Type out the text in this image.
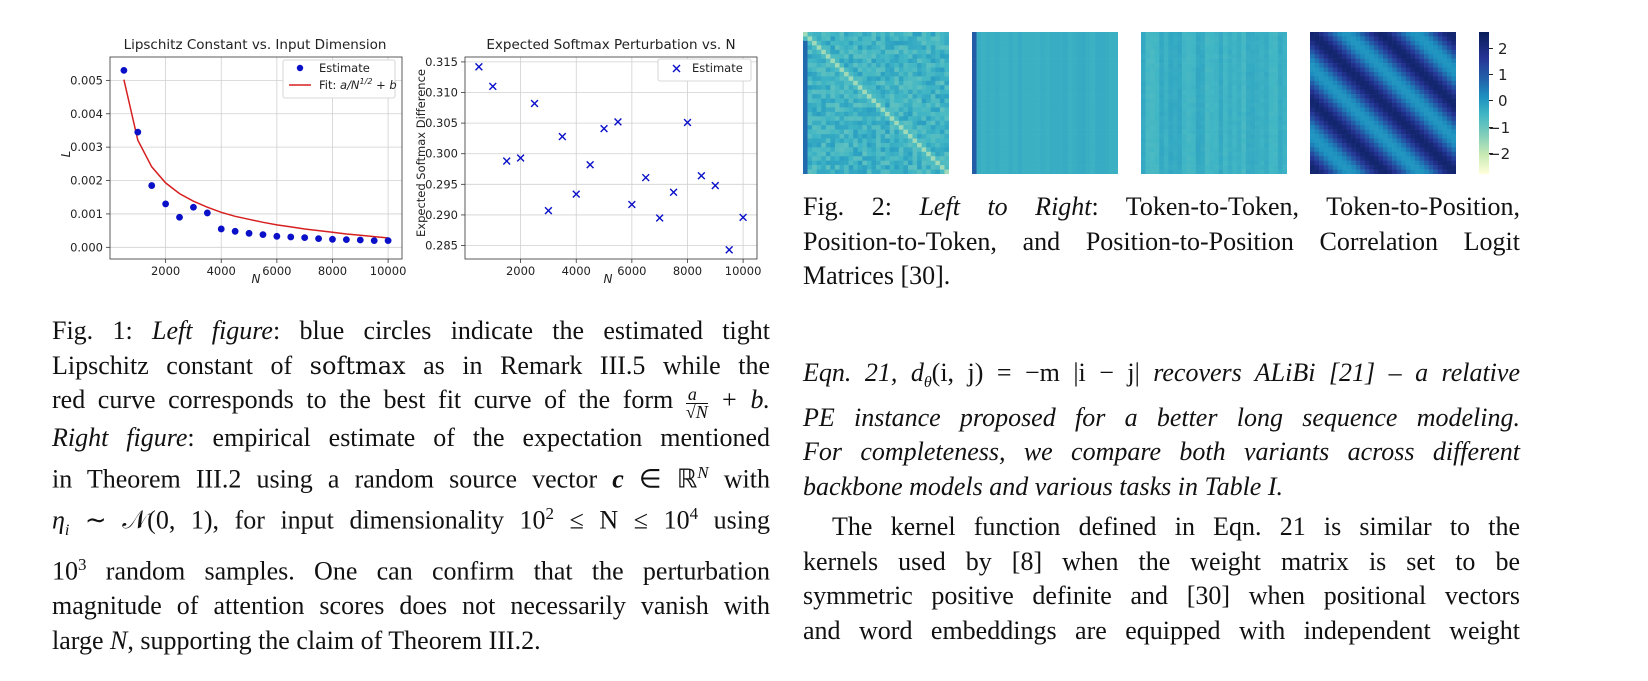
Lipschitz Constant vs. Input Dimension
2000 4000 6000 8000 10000
0.000
0.001
0.002
0.003
0.004
0.005
N
L
Estimate
Fit: $a/N^{1/2} + b$
Expected Softmax Perturbation vs. N
2000 4000 6000 8000 10000
0.285
0.290
0.295
0.300
0.305
0.310
0.315
N
Expected Softmax Difference
Estimate
2
1
0
−1
−2
Fig. 1: Left figure: blue circles indicate the estimated tight
Lipschitz constant of softmax as in Remark III.5 while the
red curve corresponds to the best fit curve of the form $\frac{a}{√N} + b$.
Right figure: empirical estimate of the expectation mentioned
in Theorem III.2 using a random source vector c ∈ ℝ$^N$ with
$\eta_i$ ∼ 𝒩(0, 1), for input dimensionality $10^2 \le N \le 10^4$ using
$10^3$ random samples. One can confirm that the perturbation
magnitude of attention scores does not necessarily vanish with
large N, supporting the claim of Theorem III.2.
Fig. 2: Left to Right: Token-to-Token, Token-to-Position,
Position-to-Token, and Position-to-Position Correlation Logit
Matrices [30].
Eqn. 21, $d_\theta(i$, j) = −m |i − j| recovers ALiBi [21] – a relative
PE instance proposed for a better long sequence modeling.
For completeness, we compare both variants across different
backbone models and various tasks in Table I.
The kernel function defined in Eqn. 21 is similar to the
kernels used by [8] when the weight matrix is set to be
symmetric positive definite and [30] when positional vectors
and word embeddings are equipped with independent weight
